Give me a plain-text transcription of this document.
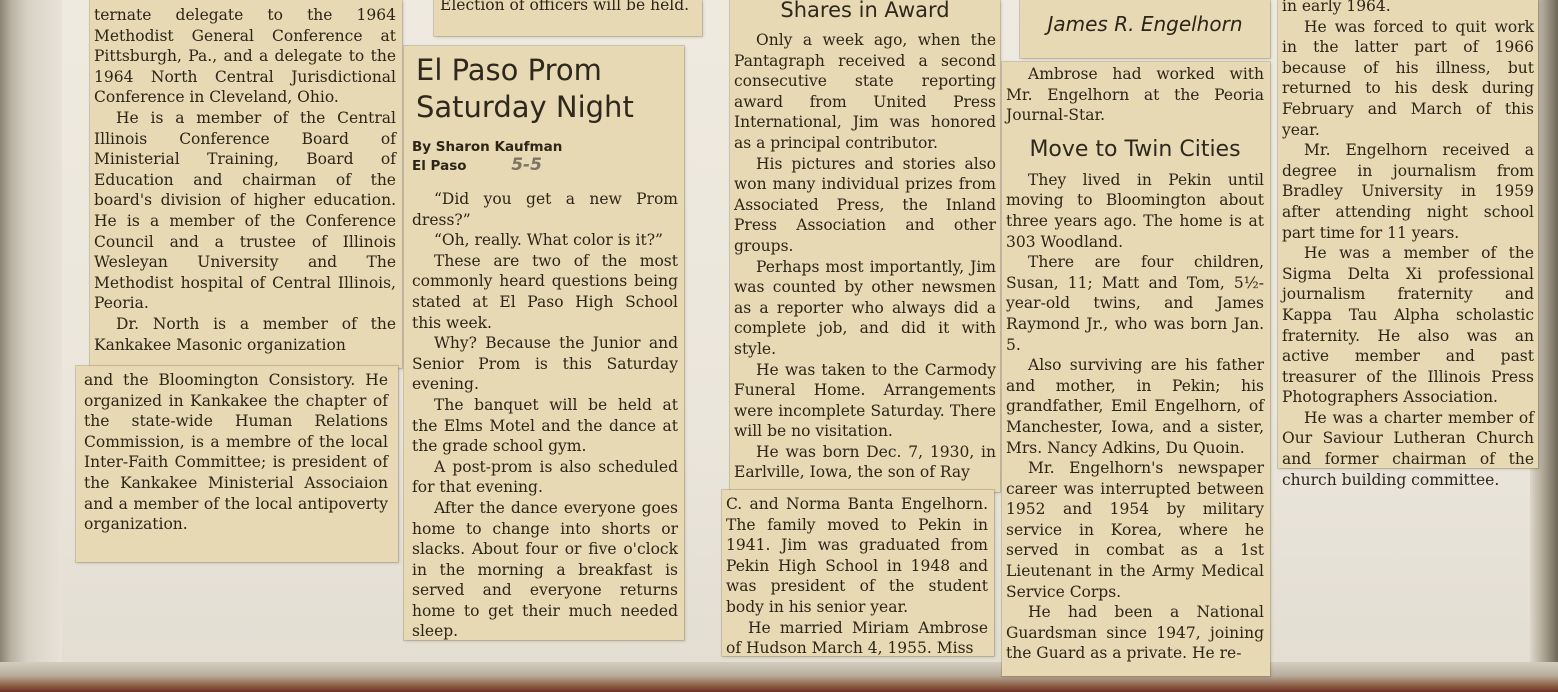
ternate delegate to the 1964 Methodist General Conference at Pittsburgh, Pa., and a delegate to the 1964 North Central Jurisdictional Conference in Cleveland, Ohio.

He is a member of the Central Illinois Conference Board of Ministerial Training, Board of Education and chairman of the board's division of higher education. He is a member of the Conference Council and a trustee of Illinois Wesleyan University and The Methodist hospital of Central Illinois, Peoria.

Dr. North is a member of the Kankakee Masonic organization

and the Bloomington Consistory. He organized in Kankakee the chapter of the state-wide Human Relations Commission, is a membre of the local Inter-Faith Committee; is president of the Kankakee Ministerial Associaion and a member of the local antipoverty organization.

Election of officers will be held.

El Paso Prom Saturday Night
By Sharon Kaufman
El Paso	5-5

“Did you get a new Prom dress?”

“Oh, really. What color is it?”

These are two of the most commonly heard questions being stated at El Paso High School this week.

Why? Because the Junior and Senior Prom is this Saturday evening.

The banquet will be held at the Elms Motel and the dance at the grade school gym.

A post-prom is also scheduled for that evening.

After the dance everyone goes home to change into shorts or slacks. About four or five o'clock in the morning a breakfast is served and everyone returns home to get their much needed sleep.

Shares in Award

Only a week ago, when the Pantagraph received a second consecutive state reporting award from United Press International, Jim was honored as a principal contributor.

His pictures and stories also won many individual prizes from Associated Press, the Inland Press Association and other groups.

Perhaps most importantly, Jim was counted by other newsmen as a reporter who always did a complete job, and did it with style.

He was taken to the Carmody Funeral Home. Arrangements were incomplete Saturday. There will be no visitation.

He was born Dec. 7, 1930, in Earlville, Iowa, the son of Ray

C. and Norma Banta Engelhorn. The family moved to Pekin in 1941. Jim was graduated from Pekin High School in 1948 and was president of the student body in his senior year.

He married Miriam Ambrose of Hudson March 4, 1955. Miss

James R. Engelhorn

Ambrose had worked with Mr. Engelhorn at the Peoria Journal-Star.

Move to Twin Cities

They lived in Pekin until moving to Bloomington about three years ago. The home is at 303 Woodland.

There are four children, Susan, 11; Matt and Tom, 5½-year-old twins, and James Raymond Jr., who was born Jan. 5.

Also surviving are his father and mother, in Pekin; his grandfather, Emil Engelhorn, of Manchester, Iowa, and a sister, Mrs. Nancy Adkins, Du Quoin.

Mr. Engelhorn's newspaper career was interrupted between 1952 and 1954 by military service in Korea, where he served in combat as a 1st Lieutenant in the Army Medical Service Corps.

He had been a National Guardsman since 1947, joining the Guard as a private. He re-

in early 1964.

He was forced to quit work in the latter part of 1966 because of his illness, but returned to his desk during February and March of this year.

Mr. Engelhorn received a degree in journalism from Bradley University in 1959 after attending night school part time for 11 years.

He was a member of the Sigma Delta Xi professional journalism fraternity and Kappa Tau Alpha scholastic fraternity. He also was an active member and past treasurer of the Illinois Press Photographers Association.

He was a charter member of Our Saviour Lutheran Church and former chairman of the church building committee.
